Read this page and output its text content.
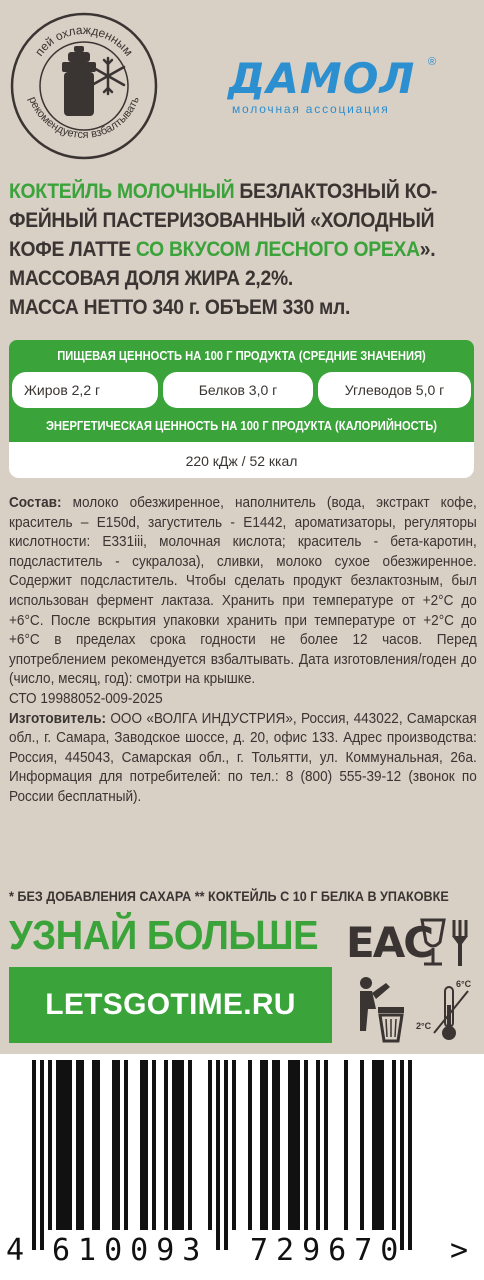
пей охлажденным
рекомендуется взбалтывать ДАМОЛ ®
молочная ассоциация
КОКТЕЙЛЬ МОЛОЧНЫЙ БЕЗЛАКТОЗНЫЙ КО-
ФЕЙНЫЙ ПАСТЕРИЗОВАННЫЙ «ХОЛОДНЫЙ
КОФЕ ЛАТТЕ СО ВКУСОМ ЛЕСНОГО ОРЕХА».
МАССОВАЯ ДОЛЯ ЖИРА 2,2%.
МАССА НЕТТО 340 г. ОБЪЕМ 330 мл.
ПИЩЕВАЯ ЦЕННОСТЬ НА 100 Г ПРОДУКТА (СРЕДНИЕ ЗНАЧЕНИЯ)
Жиров 2,2 г	Белков 3,0 г	Углеводов 5,0 г
ЭНЕРГЕТИЧЕСКАЯ ЦЕННОСТЬ НА 100 Г ПРОДУКТА (КАЛОРИЙНОСТЬ)
220 кДж / 52 ккал
Состав: молоко обезжиренное, наполнитель (вода, экстракт кофе, краситель – Е150d, загуститель - Е1442, ароматизаторы, регуляторы кислотности: Е331iii, молочная кислота; краситель - бета-каротин, подсластитель - сукралоза), сливки, молоко сухое обезжиренное. Содержит подсластитель. Чтобы сделать продукт безлактозным, был использован фермент лактаза. Хранить при температуре от +2°С до +6°С. После вскрытия упаковки хранить при температуре от +2°С до +6°С в пределах срока годности не более 12 часов. Перед употреблением рекомендуется взбалтывать. Дата изготовления/годен до (число, месяц, год): смотри на крышке.
СТО 19988052-009-2025
Изготовитель: ООО «ВОЛГА ИНДУСТРИЯ», Россия, 443022, Самарская обл., г. Самара, Заводское шоссе, д. 20, офис 133. Адрес производства: Россия, 445043, Самарская обл., г. Тольятти, ул. Коммунальная, 26а. Информация для потребителей: по тел.: 8 (800) 555-39-12 (звонок по России бесплатный).
* БЕЗ ДОБАВЛЕНИЯ САХАРА ** КОКТЕЙЛЬ С 10 Г БЕЛКА В УПАКОВКЕ
УЗНАЙ БОЛЬШЕ
LETSGOTIME.RU
ЕАС
6°C
2°C
4 610093 729670 >
